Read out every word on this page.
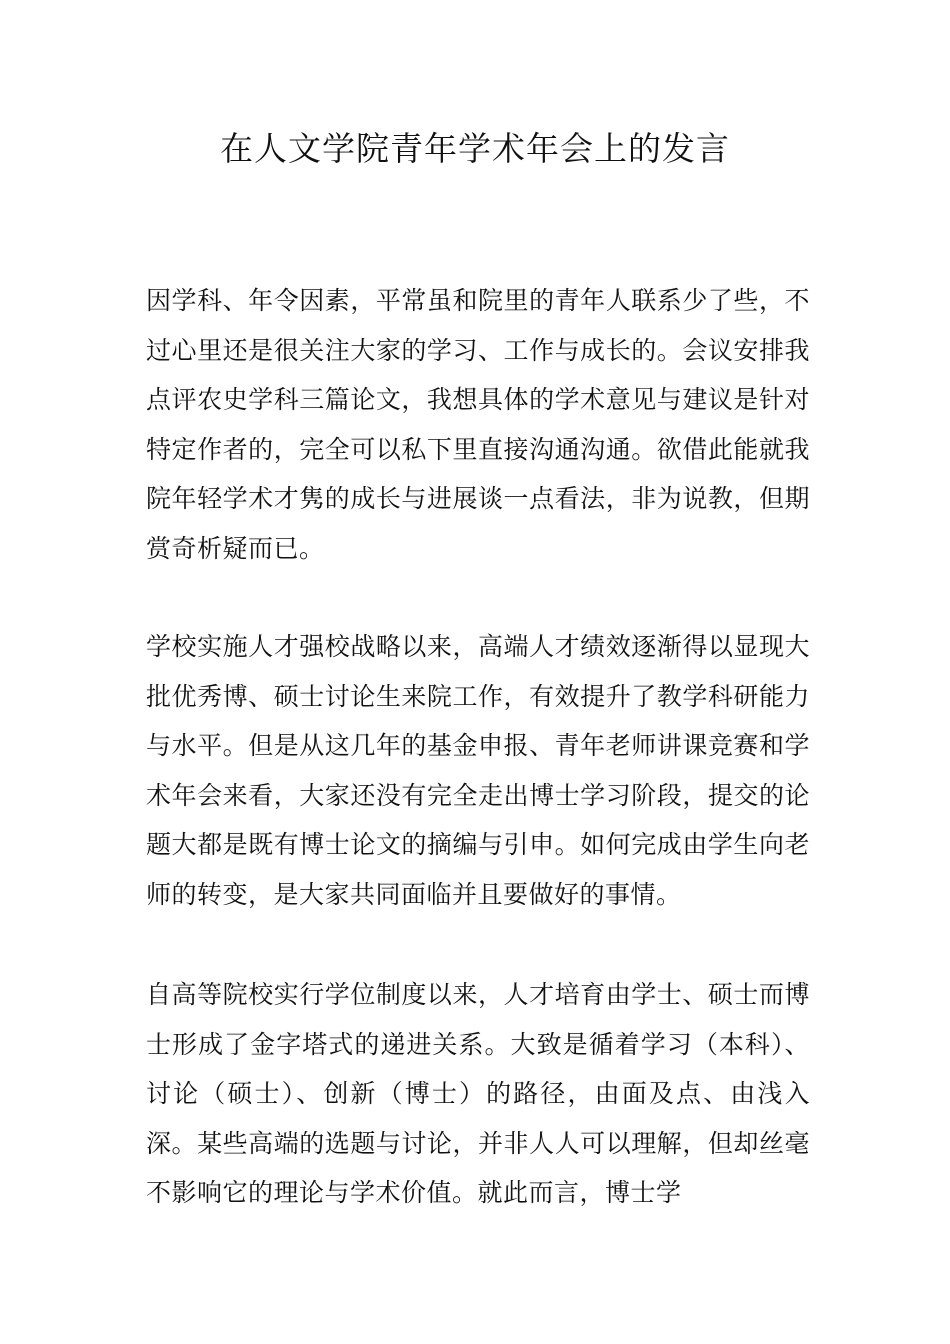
在人文学院青年学术年会上的发言

因学科、年令因素，平常虽和院里的青年人联系少了些，不过心里还是很关注大家的学习、工作与成长的。会议安排我点评农史学科三篇论文，我想具体的学术意见与建议是针对特定作者的，完全可以私下里直接沟通沟通。欲借此能就我院年轻学术才隽的成长与进展谈一点看法，非为说教，但期赏奇析疑而已。

学校实施人才强校战略以来，高端人才绩效逐渐得以显现大批优秀博、硕士讨论生来院工作，有效提升了教学科研能力与水平。但是从这几年的基金申报、青年老师讲课竞赛和学术年会来看，大家还没有完全走出博士学习阶段，提交的论题大都是既有博士论文的摘编与引申。如何完成由学生向老师的转变，是大家共同面临并且要做好的事情。

自高等院校实行学位制度以来，人才培育由学士、硕士而博士形成了金字塔式的递进关系。大致是循着学习（本科）、讨论（硕士）、创新（博士）的路径，由面及点、由浅入深。某些高端的选题与讨论，并非人人可以理解，但却丝毫不影响它的理论与学术价值。就此而言，博士学
